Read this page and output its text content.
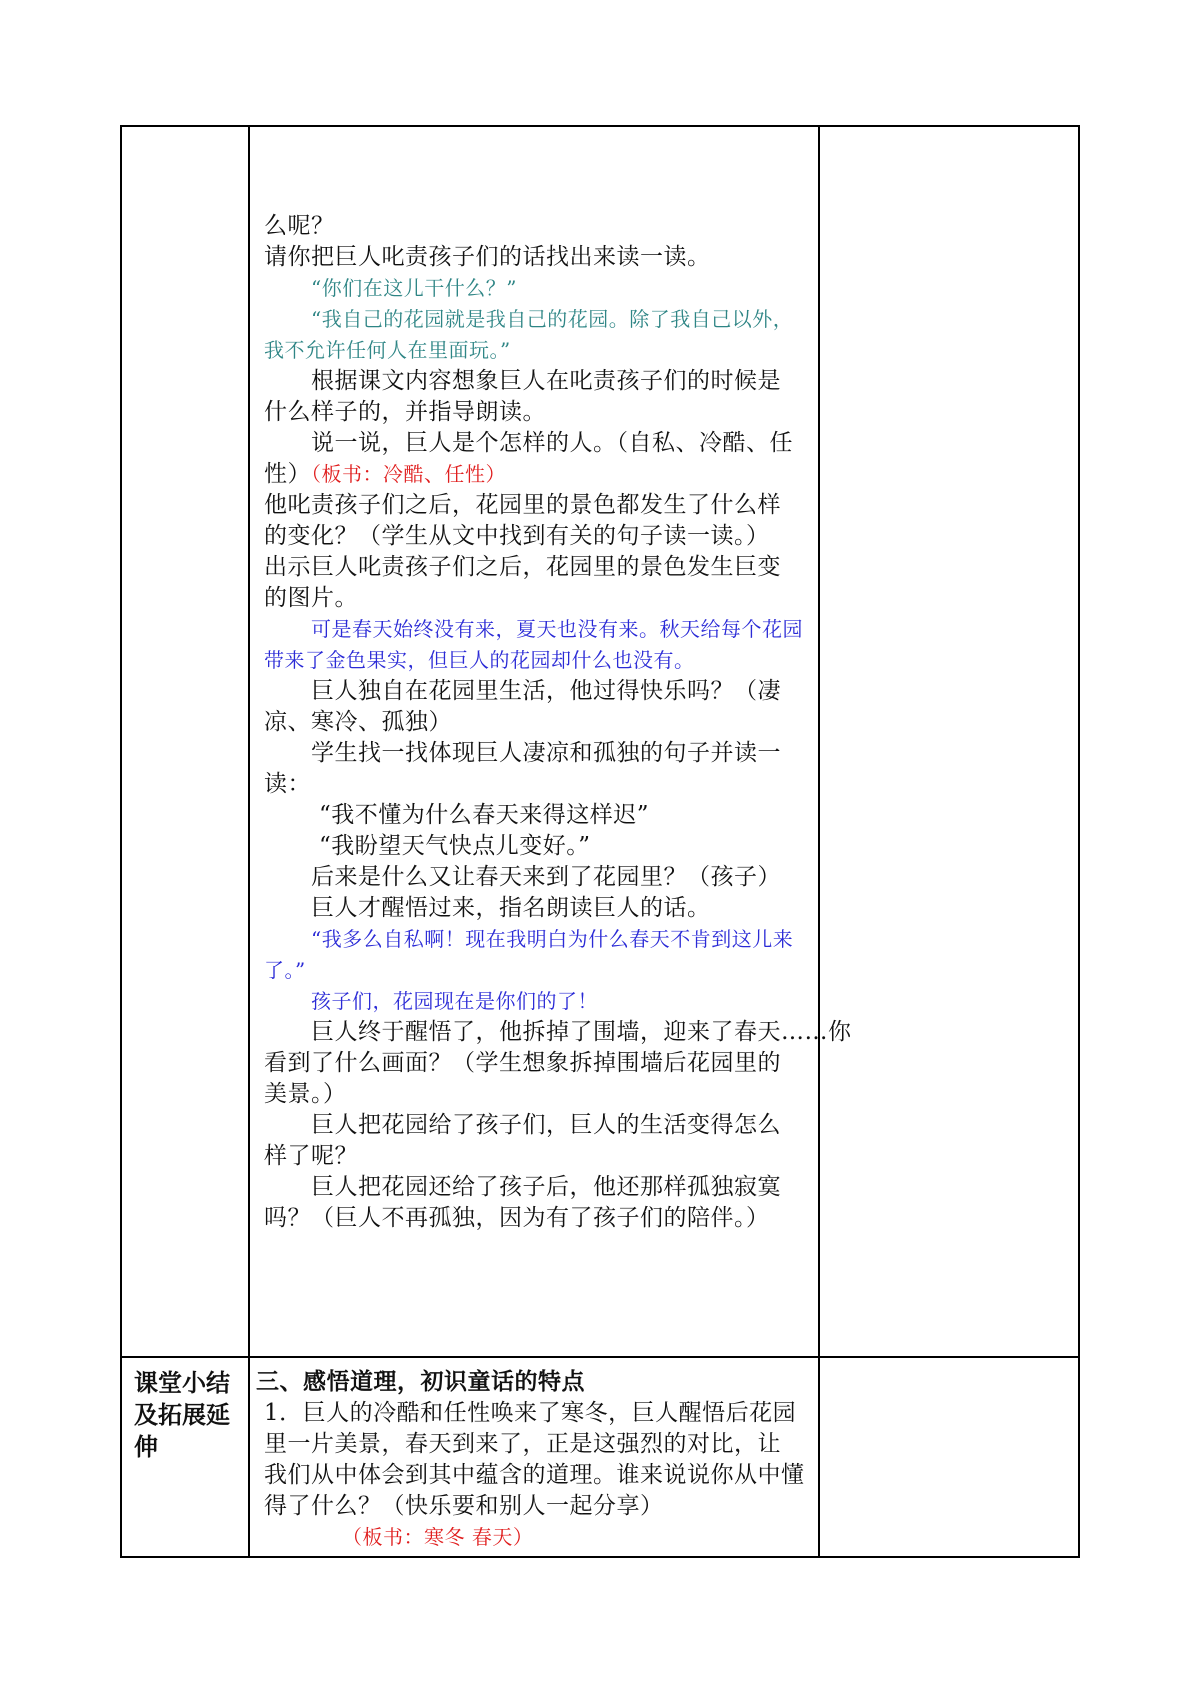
么呢？

请你把巨人叱责孩子们的话找出来读一读。

“你们在这儿干什么？”

“我自己的花园就是我自己的花园。除了我自己以外，

我不允许任何人在里面玩。”

根据课文内容想象巨人在叱责孩子们的时候是

什么样子的，并指导朗读。

说一说，巨人是个怎样的人。（自私、冷酷、任

性）（板书：冷酷、任性）

他叱责孩子们之后，花园里的景色都发生了什么样

的变化？（学生从文中找到有关的句子读一读。）

出示巨人叱责孩子们之后，花园里的景色发生巨变

的图片。

可是春天始终没有来，夏天也没有来。秋天给每个花园

带来了金色果实，但巨人的花园却什么也没有。

巨人独自在花园里生活，他过得快乐吗？（凄

凉、寒冷、孤独）

学生找一找体现巨人凄凉和孤独的句子并读一

读：

“我不懂为什么春天来得这样迟”

“我盼望天气快点儿变好。”

后来是什么又让春天来到了花园里？（孩子）

巨人才醒悟过来，指名朗读巨人的话。

“我多么自私啊！现在我明白为什么春天不肯到这儿来

了。”

孩子们，花园现在是你们的了！

巨人终于醒悟了，他拆掉了围墙，迎来了春天……你

看到了什么画面？（学生想象拆掉围墙后花园里的

美景。）

巨人把花园给了孩子们，巨人的生活变得怎么

样了呢？

巨人把花园还给了孩子后，他还那样孤独寂寞

吗？（巨人不再孤独，因为有了孩子们的陪伴。）

课堂小结
及拓展延
伸

三、感悟道理，初识童话的特点

1．巨人的冷酷和任性唤来了寒冬，巨人醒悟后花园

里一片美景，春天到来了，正是这强烈的对比，让

我们从中体会到其中蕴含的道理。谁来说说你从中懂

得了什么？（快乐要和别人一起分享）

（板书：寒冬 春天）
